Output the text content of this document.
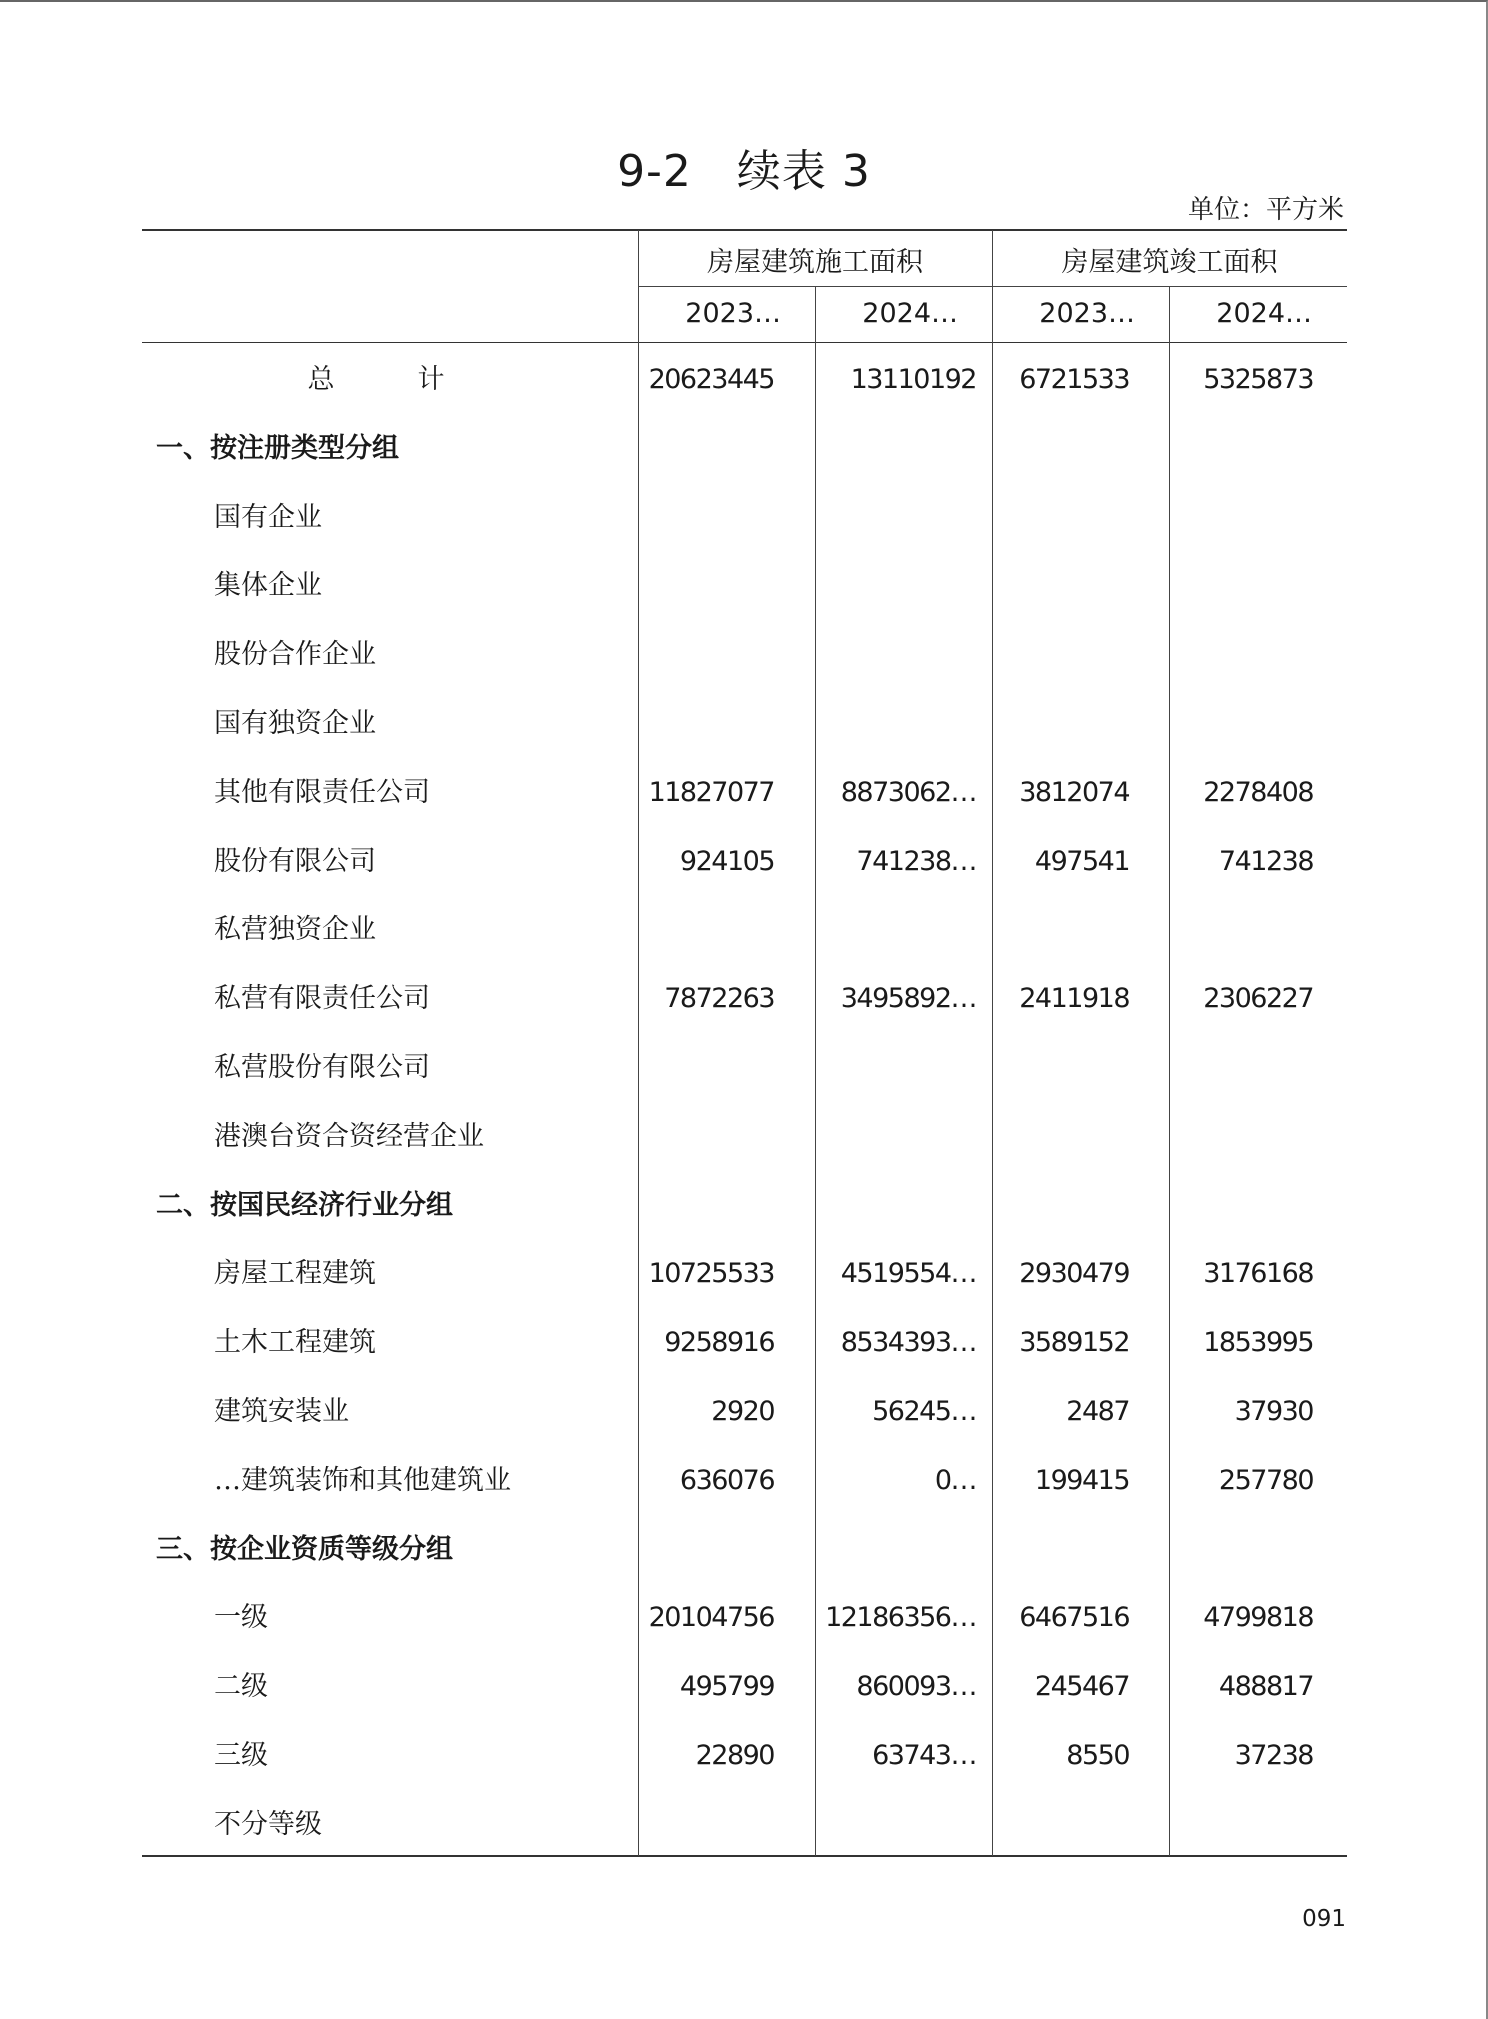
9-2　续表 3
单位：平方米
房屋建筑施工面积	房屋建筑竣工面积
2023…	2024…	2023…	2024…
总　计	20623445	13110192	6721533	5325873
一、按注册类型分组
国有企业
集体企业
股份合作企业
国有独资企业
其他有限责任公司	11827077	8873062…	3812074	2278408
股份有限公司	924105	741238…	497541	741238
私营独资企业
私营有限责任公司	7872263	3495892…	2411918	2306227
私营股份有限公司
港澳台资合资经营企业
二、按国民经济行业分组
房屋工程建筑	10725533	4519554…	2930479	3176168
土木工程建筑	9258916	8534393…	3589152	1853995
建筑安装业	2920	56245…	2487	37930
…建筑装饰和其他建筑业	636076	0…	199415	257780
三、按企业资质等级分组
一级	20104756	12186356…	6467516	4799818
二级	495799	860093…	245467	488817
三级	22890	63743…	8550	37238
不分等级
091
